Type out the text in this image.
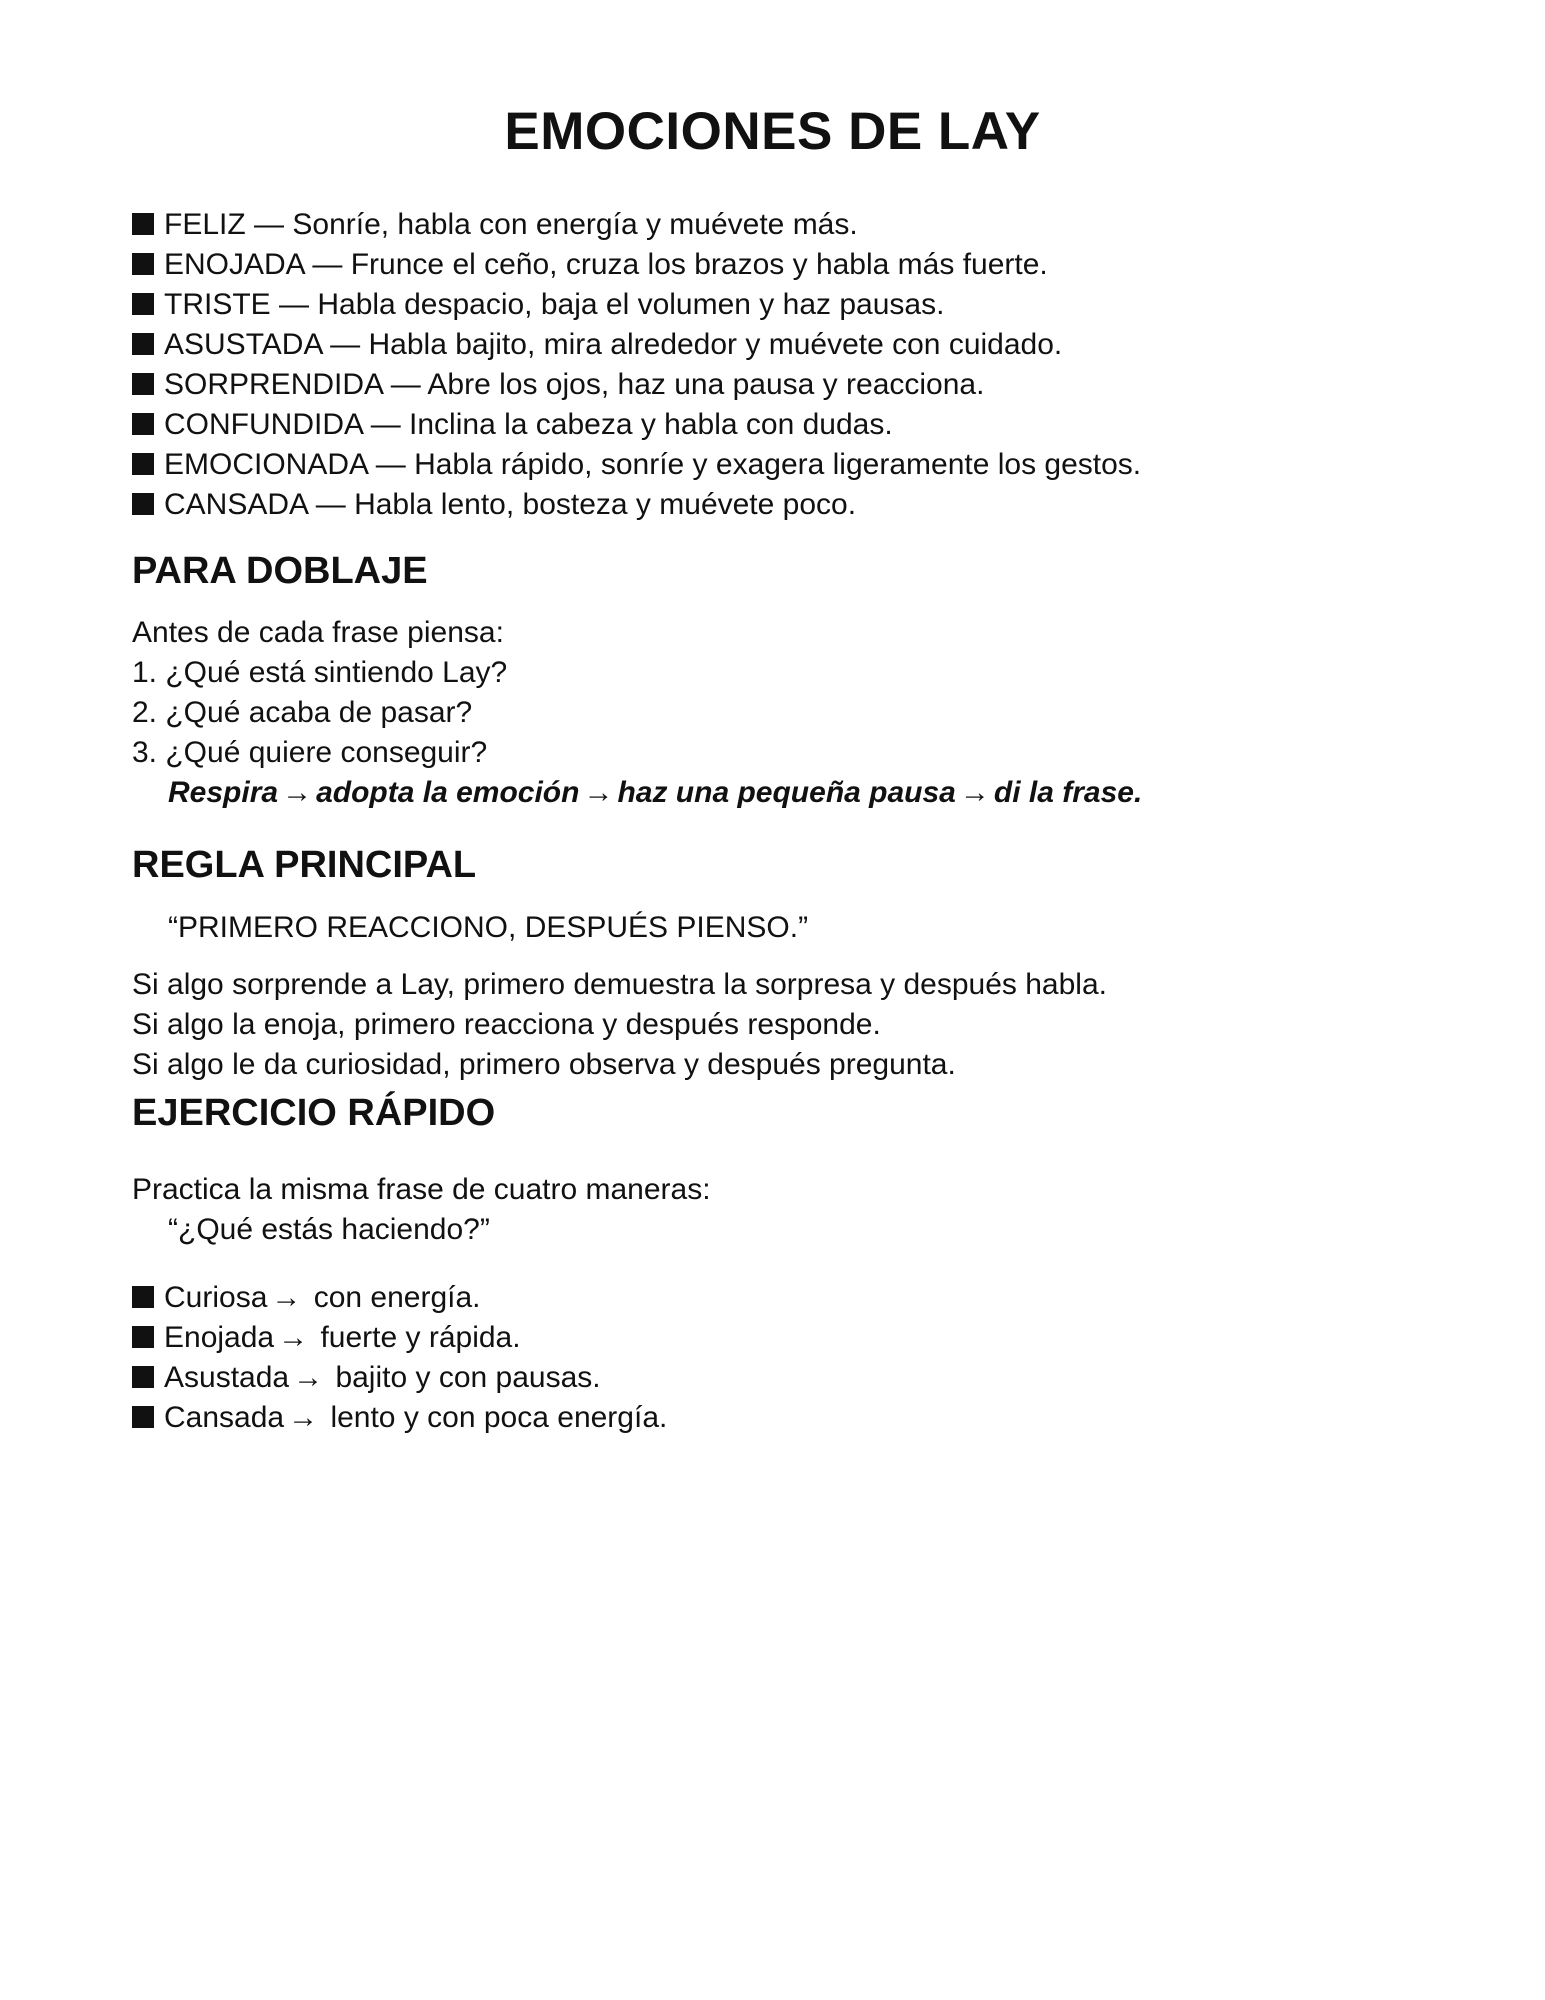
EMOCIONES DE LAY
FELIZ — Sonríe, habla con energía y muévete más.
ENOJADA — Frunce el ceño, cruza los brazos y habla más fuerte.
TRISTE — Habla despacio, baja el volumen y haz pausas.
ASUSTADA — Habla bajito, mira alrededor y muévete con cuidado.
SORPRENDIDA — Abre los ojos, haz una pausa y reacciona.
CONFUNDIDA — Inclina la cabeza y habla con dudas.
EMOCIONADA — Habla rápido, sonríe y exagera ligeramente los gestos.
CANSADA — Habla lento, bosteza y muévete poco.
PARA DOBLAJE
Antes de cada frase piensa:
1. ¿Qué está sintiendo Lay?
2. ¿Qué acaba de pasar?
3. ¿Qué quiere conseguir?
Respira → adopta la emoción → haz una pequeña pausa → di la frase.
REGLA PRINCIPAL
“PRIMERO REACCIONO, DESPUÉS PIENSO.”
Si algo sorprende a Lay, primero demuestra la sorpresa y después habla.
Si algo la enoja, primero reacciona y después responde.
Si algo le da curiosidad, primero observa y después pregunta.
EJERCICIO RÁPIDO
Practica la misma frase de cuatro maneras:
“¿Qué estás haciendo?”
Curiosa → con energía.
Enojada → fuerte y rápida.
Asustada → bajito y con pausas.
Cansada → lento y con poca energía.
